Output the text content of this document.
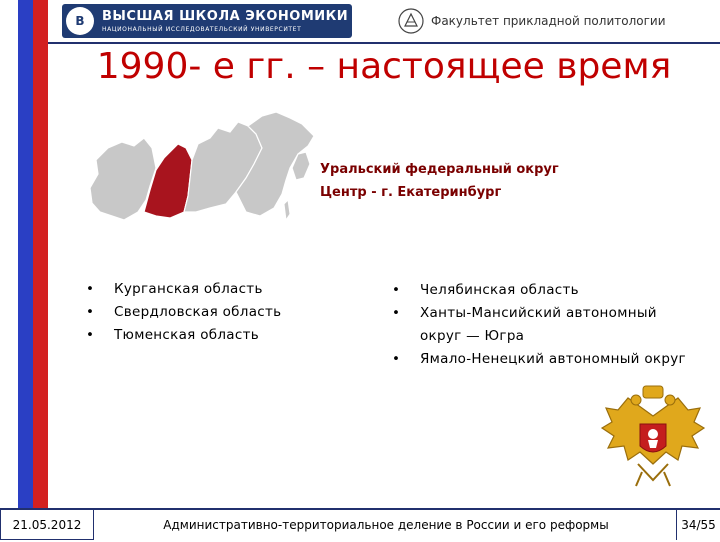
B	ВЫСШАЯ ШКОЛА ЭКОНОМИКИ
НАЦИОНАЛЬНЫЙ ИССЛЕДОВАТЕЛЬСКИЙ УНИВЕРСИТЕТ
Факультет прикладной политологии
1990- е гг. – настоящее время
Уральский федеральный округ
Центр - г. Екатеринбург
• Курганская область
• Свердловская область
• Тюменская область
• Челябинская область
• Ханты-Мансийский автономный округ — Югра
• Ямало-Ненецкий автономный округ
21.05.2012	Административно-территориальное деление в России и его реформы	34/55
